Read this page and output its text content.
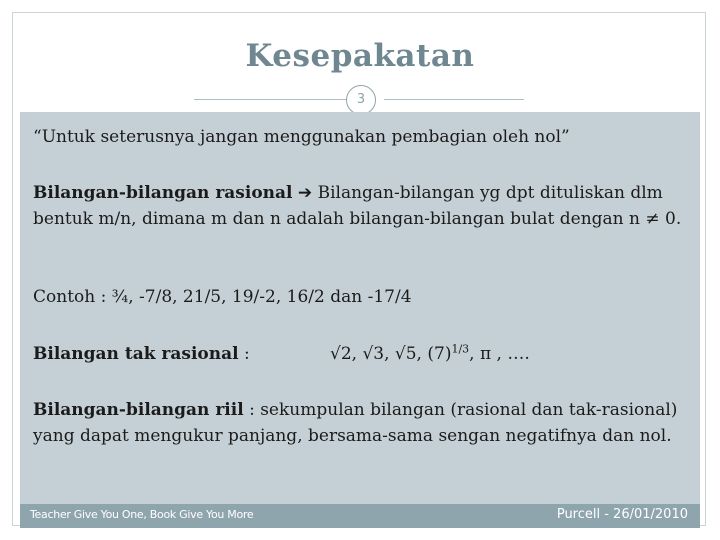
Kesepakatan
3
“Untuk seterusnya jangan menggunakan pembagian oleh nol”
Bilangan-bilangan rasional ➔ Bilangan-bilangan yg dpt dituliskan dlm bentuk m/n, dimana m dan n adalah bilangan-bilangan bulat dengan n ≠ 0.
Contoh : ¾, -7/8, 21/5, 19/-2, 16/2 dan -17/4
Bilangan tak rasional :	√2, √3, √5, $(7)^{1/3}$, π , ….
Bilangan-bilangan riil : sekumpulan bilangan (rasional dan tak-rasional) yang dapat mengukur panjang, bersama-sama sengan negatifnya dan nol.
Teacher Give You One, Book Give You More	Purcell - 26/01/2010
